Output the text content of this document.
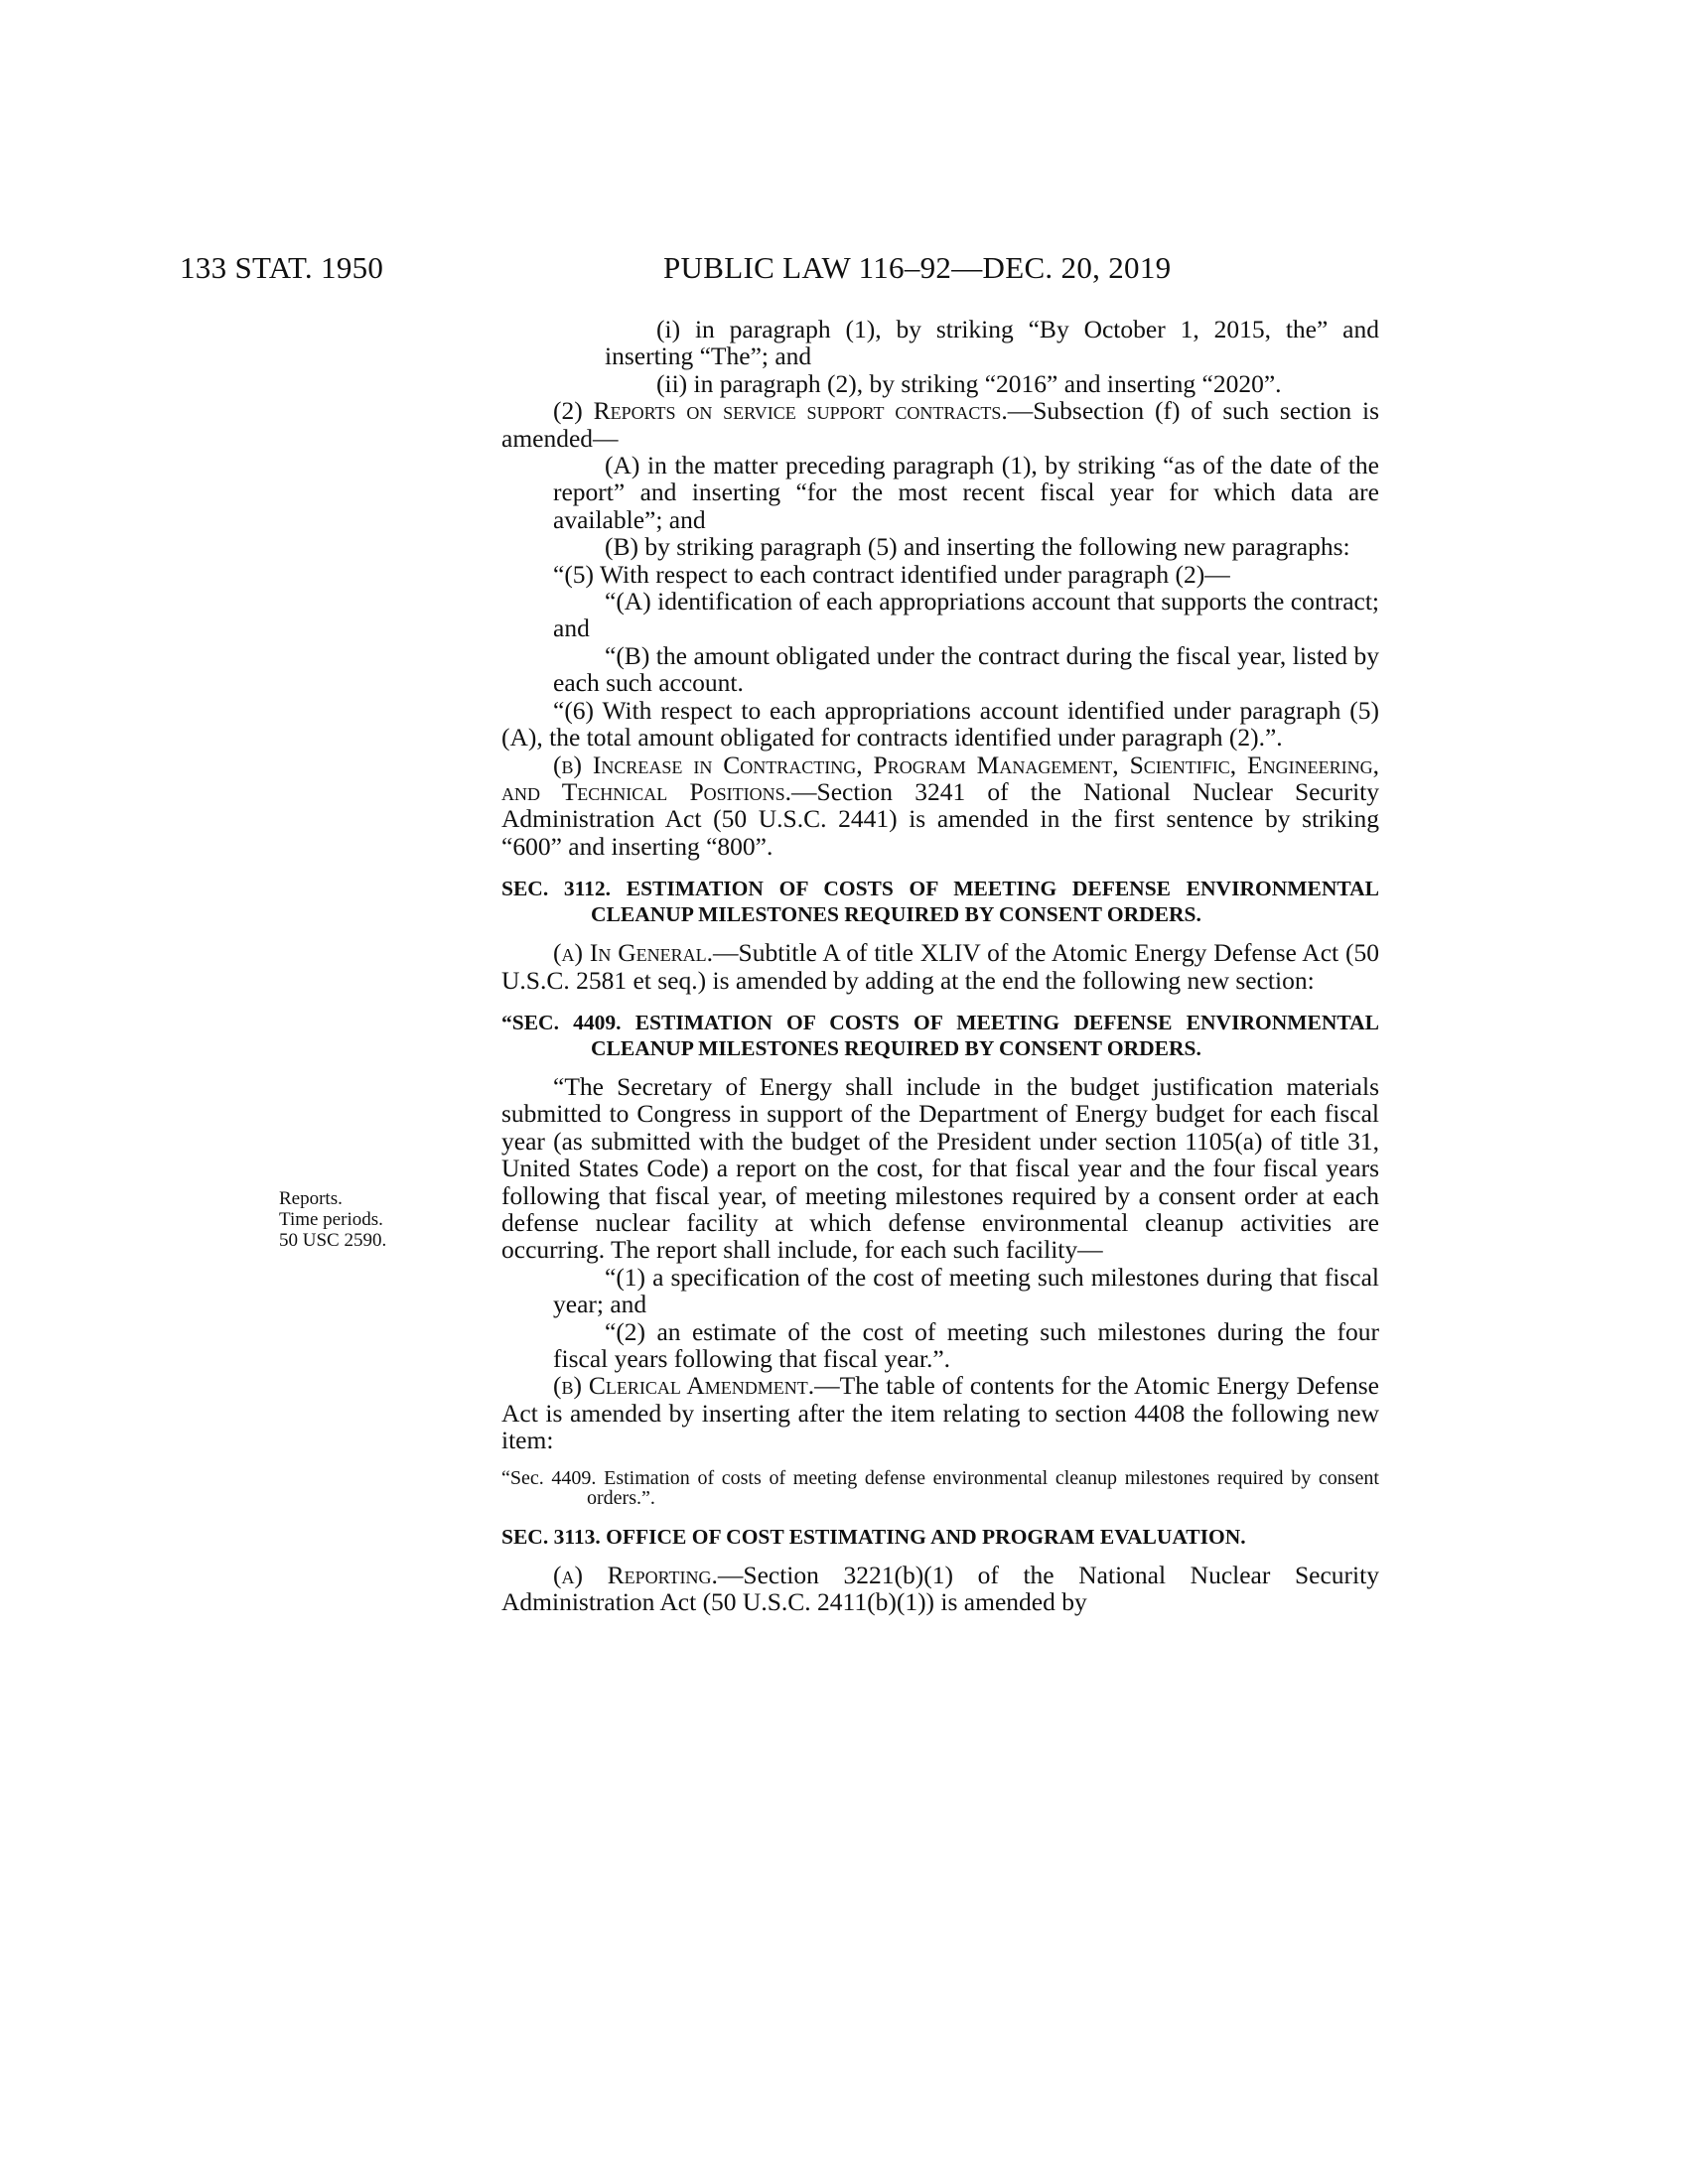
133 STAT. 1950	PUBLIC LAW 116–92—DEC. 20, 2019
Reports.
Time periods.
50 USC 2590.

(i) in paragraph (1), by striking “By October 1, 2015, the” and inserting “The”; and

(ii) in paragraph (2), by striking “2016” and inserting “2020”.

(2) Reports on service support contracts.—Subsection (f) of such section is amended—

(A) in the matter preceding paragraph (1), by striking “as of the date of the report” and inserting “for the most recent fiscal year for which data are available”; and

(B) by striking paragraph (5) and inserting the following new paragraphs:

“(5) With respect to each contract identified under paragraph (2)—

“(A) identification of each appropriations account that supports the contract; and

“(B) the amount obligated under the contract during the fiscal year, listed by each such account.

“(6) With respect to each appropriations account identified under paragraph (5)(A), the total amount obligated for contracts identified under paragraph (2).”.

(b) Increase in Contracting, Program Management, Scientific, Engineering, and Technical Positions.—Section 3241 of the National Nuclear Security Administration Act (50 U.S.C. 2441) is amended in the first sentence by striking “600” and inserting “800”.

SEC. 3112. ESTIMATION OF COSTS OF MEETING DEFENSE ENVIRONMENTAL CLEANUP MILESTONES REQUIRED BY CONSENT ORDERS.

(a) In General.—Subtitle A of title XLIV of the Atomic Energy Defense Act (50 U.S.C. 2581 et seq.) is amended by adding at the end the following new section:

“SEC. 4409. ESTIMATION OF COSTS OF MEETING DEFENSE ENVIRONMENTAL CLEANUP MILESTONES REQUIRED BY CONSENT ORDERS.

“The Secretary of Energy shall include in the budget justification materials submitted to Congress in support of the Department of Energy budget for each fiscal year (as submitted with the budget of the President under section 1105(a) of title 31, United States Code) a report on the cost, for that fiscal year and the four fiscal years following that fiscal year, of meeting milestones required by a consent order at each defense nuclear facility at which defense environmental cleanup activities are occurring. The report shall include, for each such facility—

“(1) a specification of the cost of meeting such milestones during that fiscal year; and

“(2) an estimate of the cost of meeting such milestones during the four fiscal years following that fiscal year.”.

(b) Clerical Amendment.—The table of contents for the Atomic Energy Defense Act is amended by inserting after the item relating to section 4408 the following new item:

“Sec. 4409. Estimation of costs of meeting defense environmental cleanup milestones required by consent orders.”.

SEC. 3113. OFFICE OF COST ESTIMATING AND PROGRAM EVALUATION.

(a) Reporting.—Section 3221(b)(1) of the National Nuclear Security Administration Act (50 U.S.C. 2411(b)(1)) is amended by
